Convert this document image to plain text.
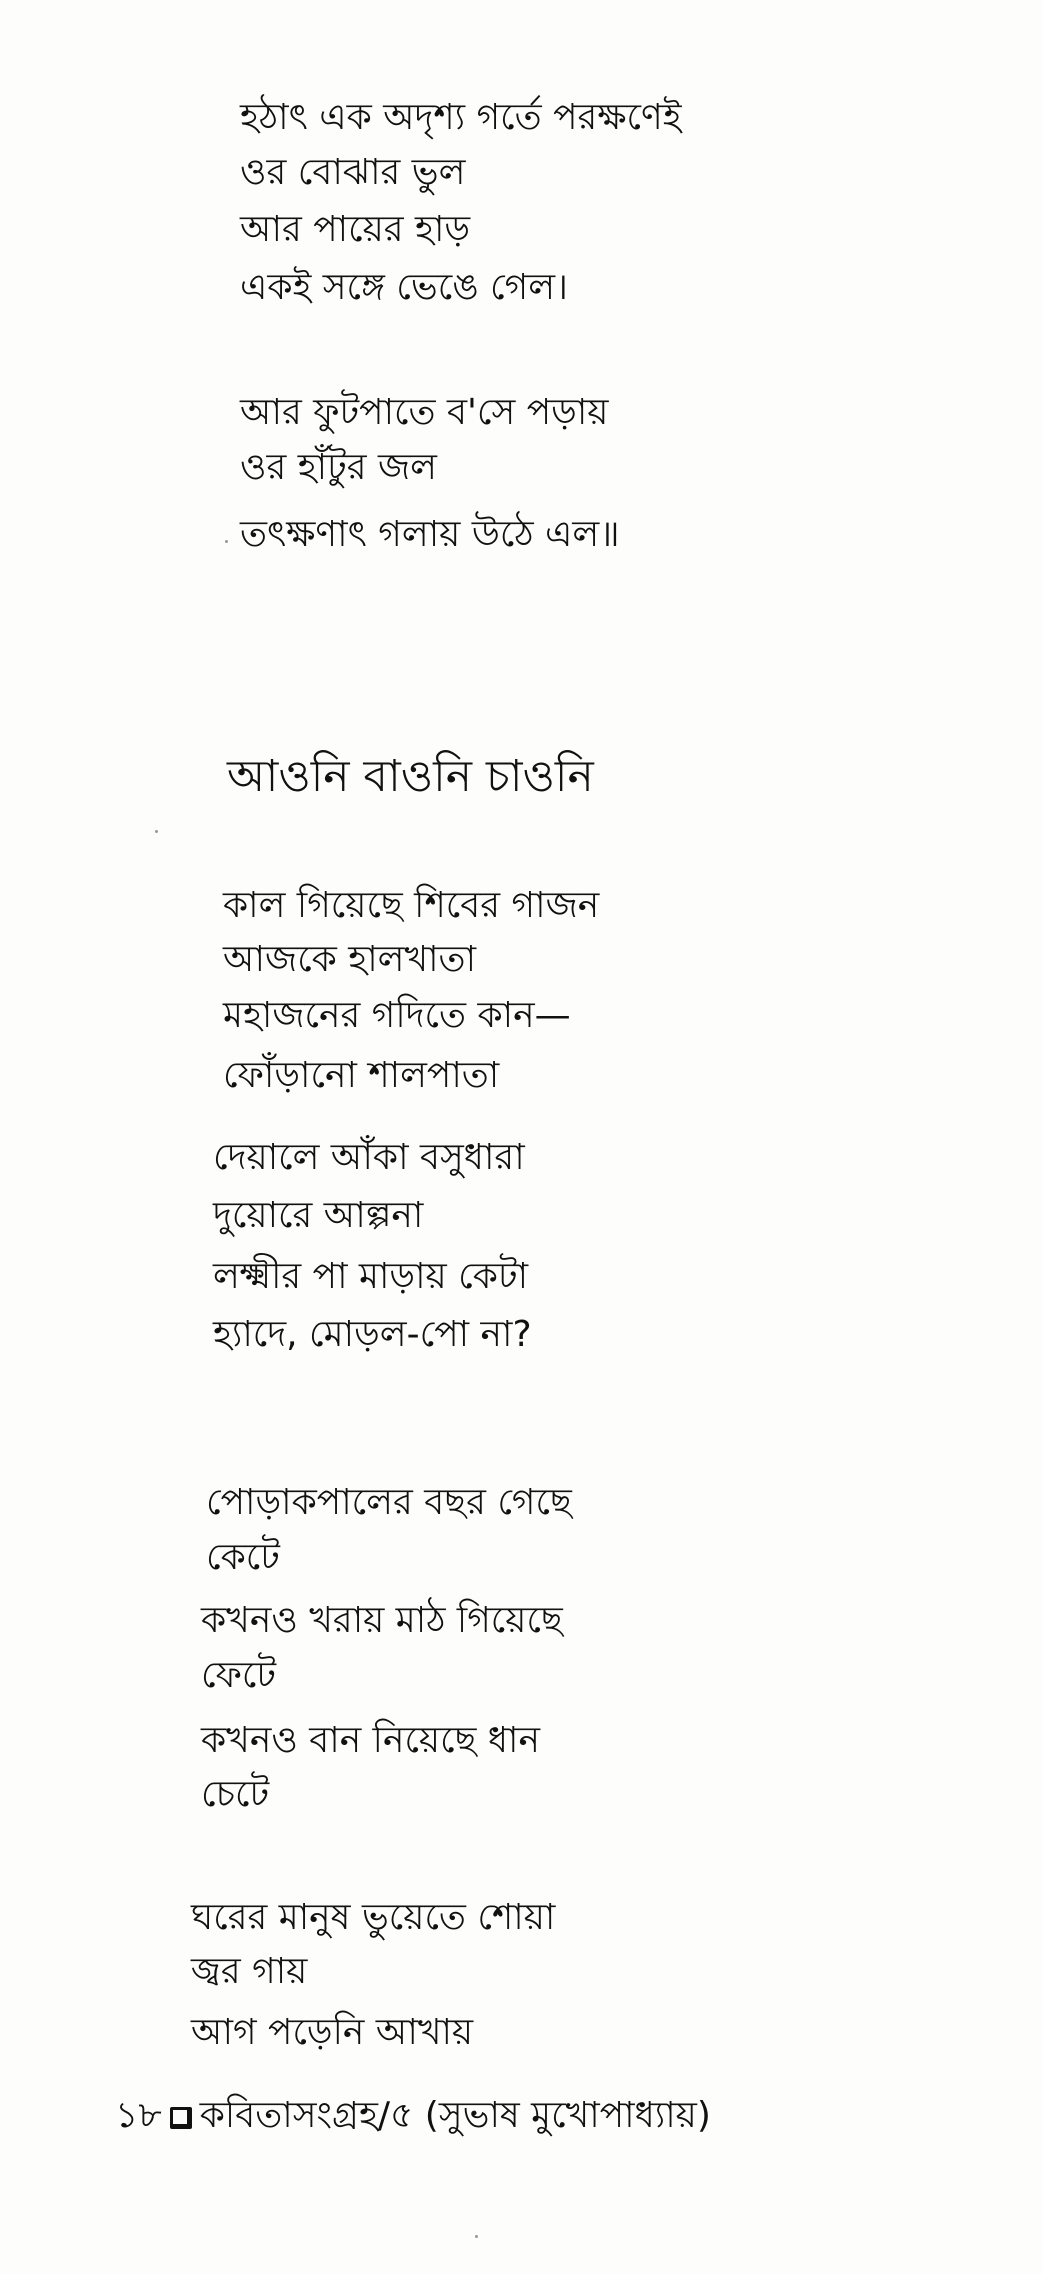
হঠাৎ এক অদৃশ্য গর্তে পরক্ষণেই
ওর বোঝার ভুল
আর পায়ের হাড়
একই সঙ্গে ভেঙে গেল।
আর ফুটপাতে ব'সে পড়ায়
ওর হাঁটুর জল
তৎক্ষণাৎ গলায় উঠে এল॥
আওনি বাওনি চাওনি
কাল গিয়েছে শিবের গাজন
আজকে হালখাতা
মহাজনের গদিতে কান—
ফোঁড়ানো শালপাতা
দেয়ালে আঁকা বসুধারা
দুয়োরে আল্পনা
লক্ষ্মীর পা মাড়ায় কেটা
হ্যাদে, মোড়ল-পো না?
পোড়াকপালের বছর গেছে
কেটে
কখনও খরায় মাঠ গিয়েছে
ফেটে
কখনও বান নিয়েছে ধান
চেটে
ঘরের মানুষ ভুয়েতে শোয়া
জ্বর গায়
আগ পড়েনি আখায়
১৮ কবিতাসংগ্রহ/৫ (সুভাষ মুখোপাধ্যায়)
